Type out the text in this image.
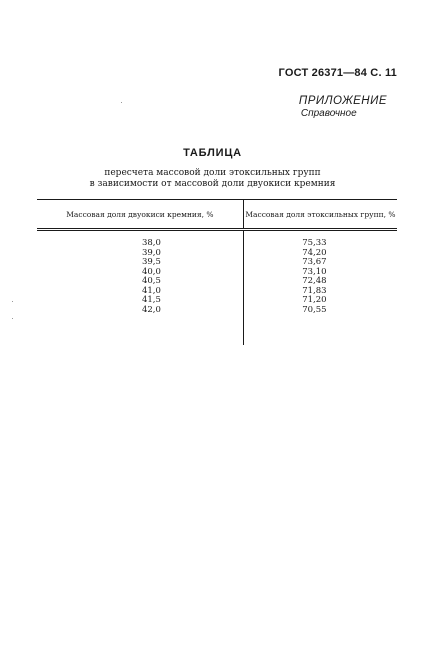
ГОСТ 26371—84 С. 11
ПРИЛОЖЕНИЕ
Справочное
ТАБЛИЦА
пересчета массовой доли этоксильных групп
в зависимости от массовой доли двуокиси кремния
Массовая доля двуокиси кремния, %	Массовая доля этоксильных групп, %
38,0	75,33
39,0	74,20
39,5	73,67
40,0	73,10
40,5	72,48
41,0	71,83
41,5	71,20
42,0	70,55
